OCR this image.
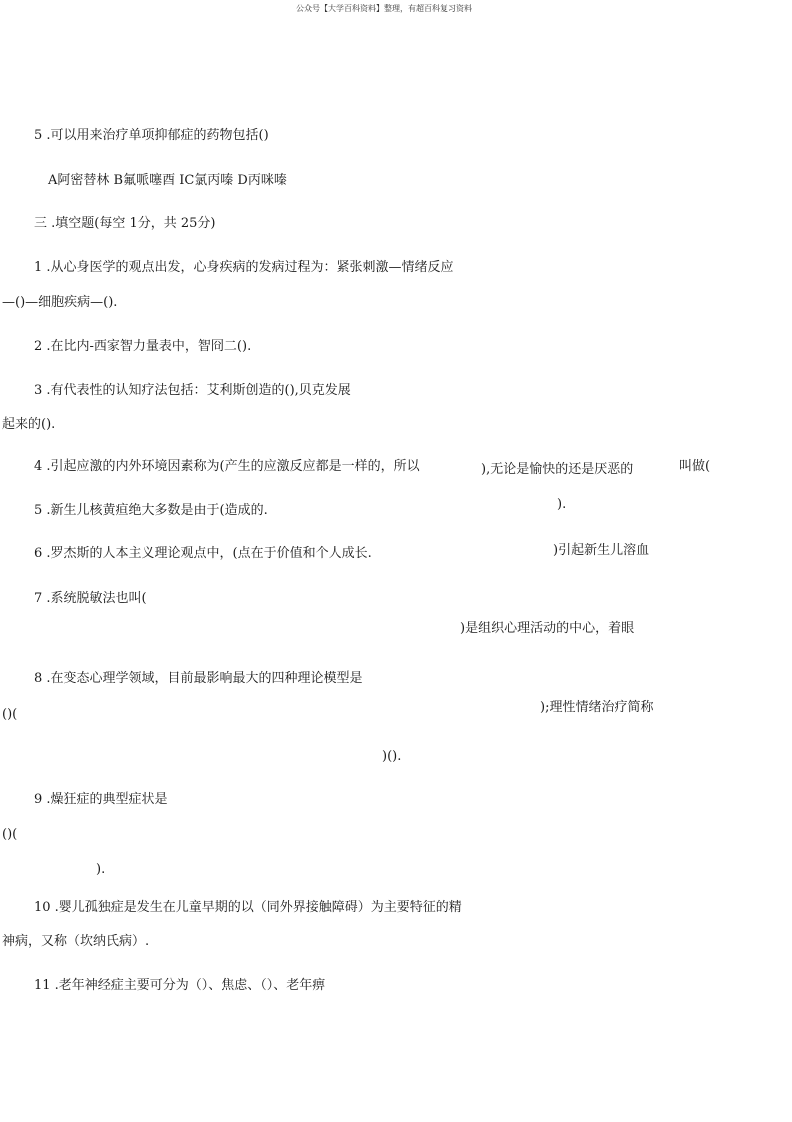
公众号【大学百科资料】整理，有超百科复习资料
5 .可以用来治疗单项抑郁症的药物包括()
A阿密替林 B氟哌噻酉 IC氯丙嗪 D丙咪嗪
三 .填空题(每空 1分，共 25分)
1 .从心身医学的观点出发，心身疾病的发病过程为：紧张刺激—情绪反应
—()—细胞疾病—().
2 .在比内-西家智力量表中，智冏二().
3 .有代表性的认知疗法包括：艾利斯创造的(),贝克发展
起来的().
4 .引起应激的内外环境因素称为(产生的应激反应都是一样的，所以	),无论是愉快的还是厌恶的	叫做(
5 .新生儿核黄疸绝大多数是由于(造成的.	).
6 .罗杰斯的人本主义理论观点中，(点在于价值和个人成长.	)引起新生儿溶血
7 .系统脱敏法也叫(
)是组织心理活动的中心，着眼
8 .在变态心理学领域，目前最影响最大的四种理论模型是
()(	);理性情绪治疗简称
)().
9 .燥狂症的典型症状是
()(
).
10 .婴儿孤独症是发生在儿童早期的以（同外界接触障碍）为主要特征的精
神病，又称（坎纳氏病）.
11 .老年神经症主要可分为（）、焦虑、（）、老年痹
